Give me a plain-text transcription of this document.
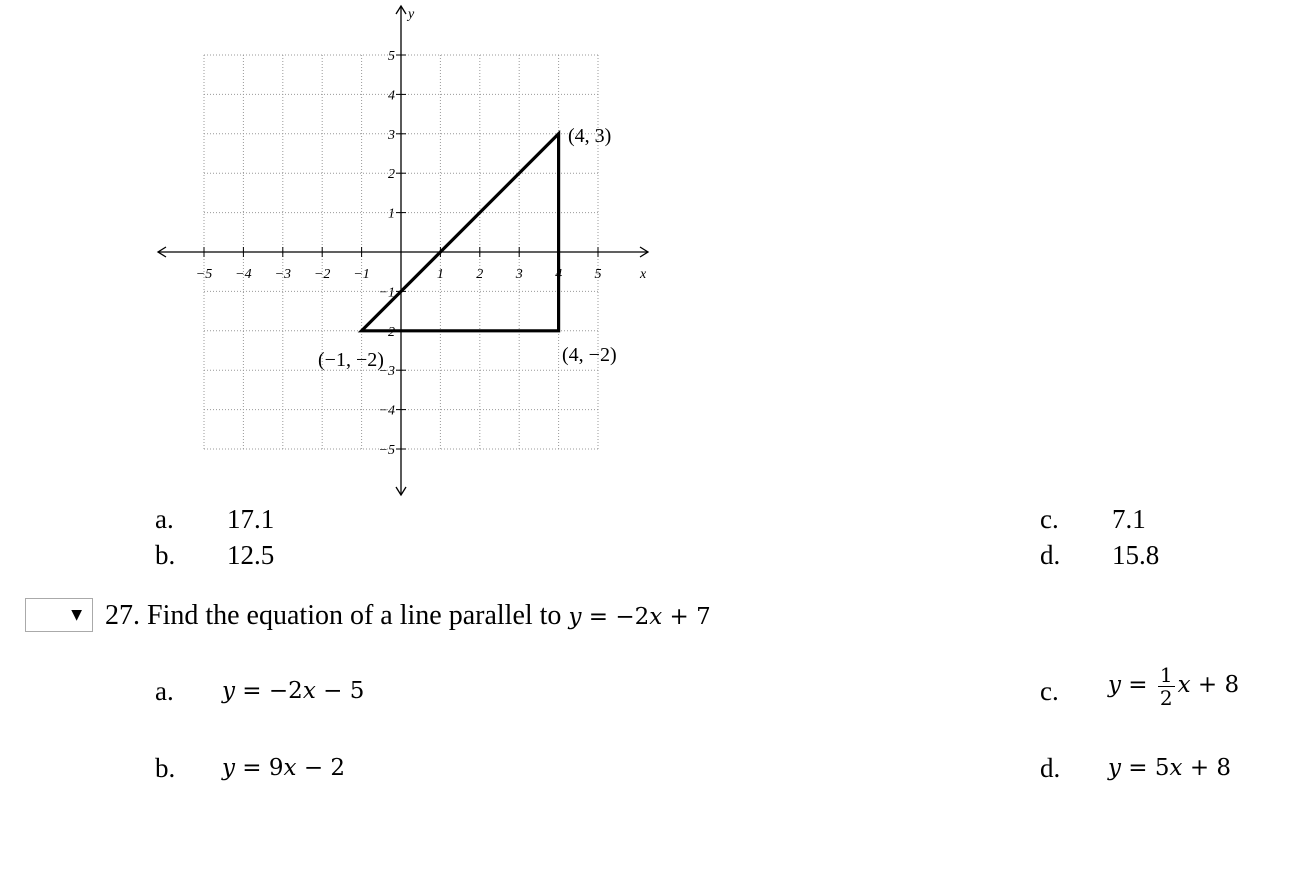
−5 −4 −3 −2 −1	1 2 3 4 5
5
4
3
2
1
−1
−2
−3
−4
−5
y
x
(4, 3)
(4, −2)
(−1, −2)
a. 17.1
b. 12.5
c. 7.1
d. 15.8
▼ 27. Find the equation of a line parallel to y = −2x + 7
a. y = −2x − 5
b. y = 9x − 2
c. $y = \frac{1}{2}$ x + 8
d. y = 5x + 8
